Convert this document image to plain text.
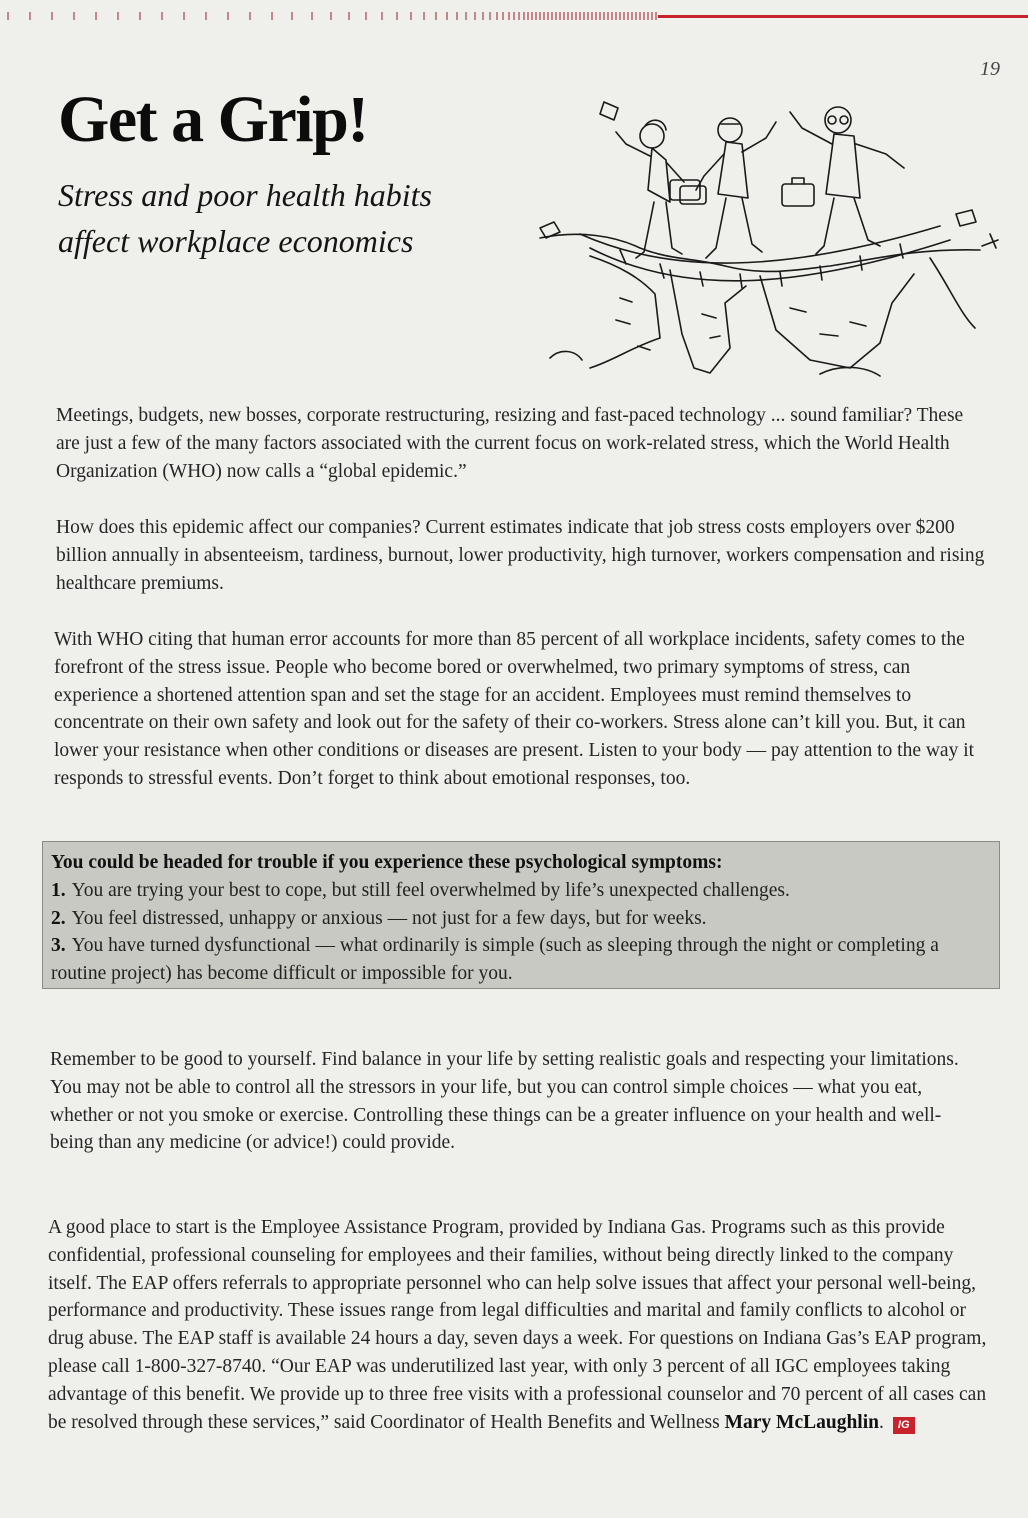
19
Get a Grip!
Stress and poor health habits
affect workplace economics

Meetings, budgets, new bosses, corporate restructuring, resizing and fast-paced technology ... sound familiar? These are just a few of the many factors associated with the current focus on work-related stress, which the World Health Organization (WHO) now calls a “global epidemic.”

How does this epidemic affect our companies? Current estimates indicate that job stress costs employers over $200 billion annually in absenteeism, tardiness, burnout, lower productivity, high turnover, workers compensation and rising healthcare premiums.

With WHO citing that human error accounts for more than 85 percent of all workplace incidents, safety comes to the forefront of the stress issue. People who become bored or overwhelmed, two primary symptoms of stress, can experience a shortened attention span and set the stage for an accident. Employees must remind themselves to concentrate on their own safety and look out for the safety of their co-workers. Stress alone can’t kill you. But, it can lower your resistance when other conditions or diseases are present. Listen to your body — pay attention to the way it responds to stressful events. Don’t forget to think about emotional responses, too.

You could be headed for trouble if you experience these psychological symptoms:
1. You are trying your best to cope, but still feel overwhelmed by life’s unexpected challenges.
2. You feel distressed, unhappy or anxious — not just for a few days, but for weeks.
3. You have turned dysfunctional — what ordinarily is simple (such as sleeping through the night or completing a routine project) has become difficult or impossible for you.

Remember to be good to yourself. Find balance in your life by setting realistic goals and respecting your limitations. You may not be able to control all the stressors in your life, but you can control simple choices — what you eat, whether or not you smoke or exercise. Controlling these things can be a greater influence on your health and well-being than any medicine (or advice!) could provide.

A good place to start is the Employee Assistance Program, provided by Indiana Gas. Programs such as this provide confidential, professional counseling for employees and their families, without being directly linked to the company itself. The EAP offers referrals to appropriate personnel who can help solve issues that affect your personal well-being, performance and productivity. These issues range from legal difficulties and marital and family conflicts to alcohol or drug abuse. The EAP staff is available 24 hours a day, seven days a week. For questions on Indiana Gas’s EAP program, please call 1-800-327-8740. “Our EAP was underutilized last year, with only 3 percent of all IGC employees taking advantage of this benefit. We provide up to three free visits with a professional counselor and 70 percent of all cases can be resolved through these services,” said Coordinator of Health Benefits and Wellness Mary McLaughlin. IG
